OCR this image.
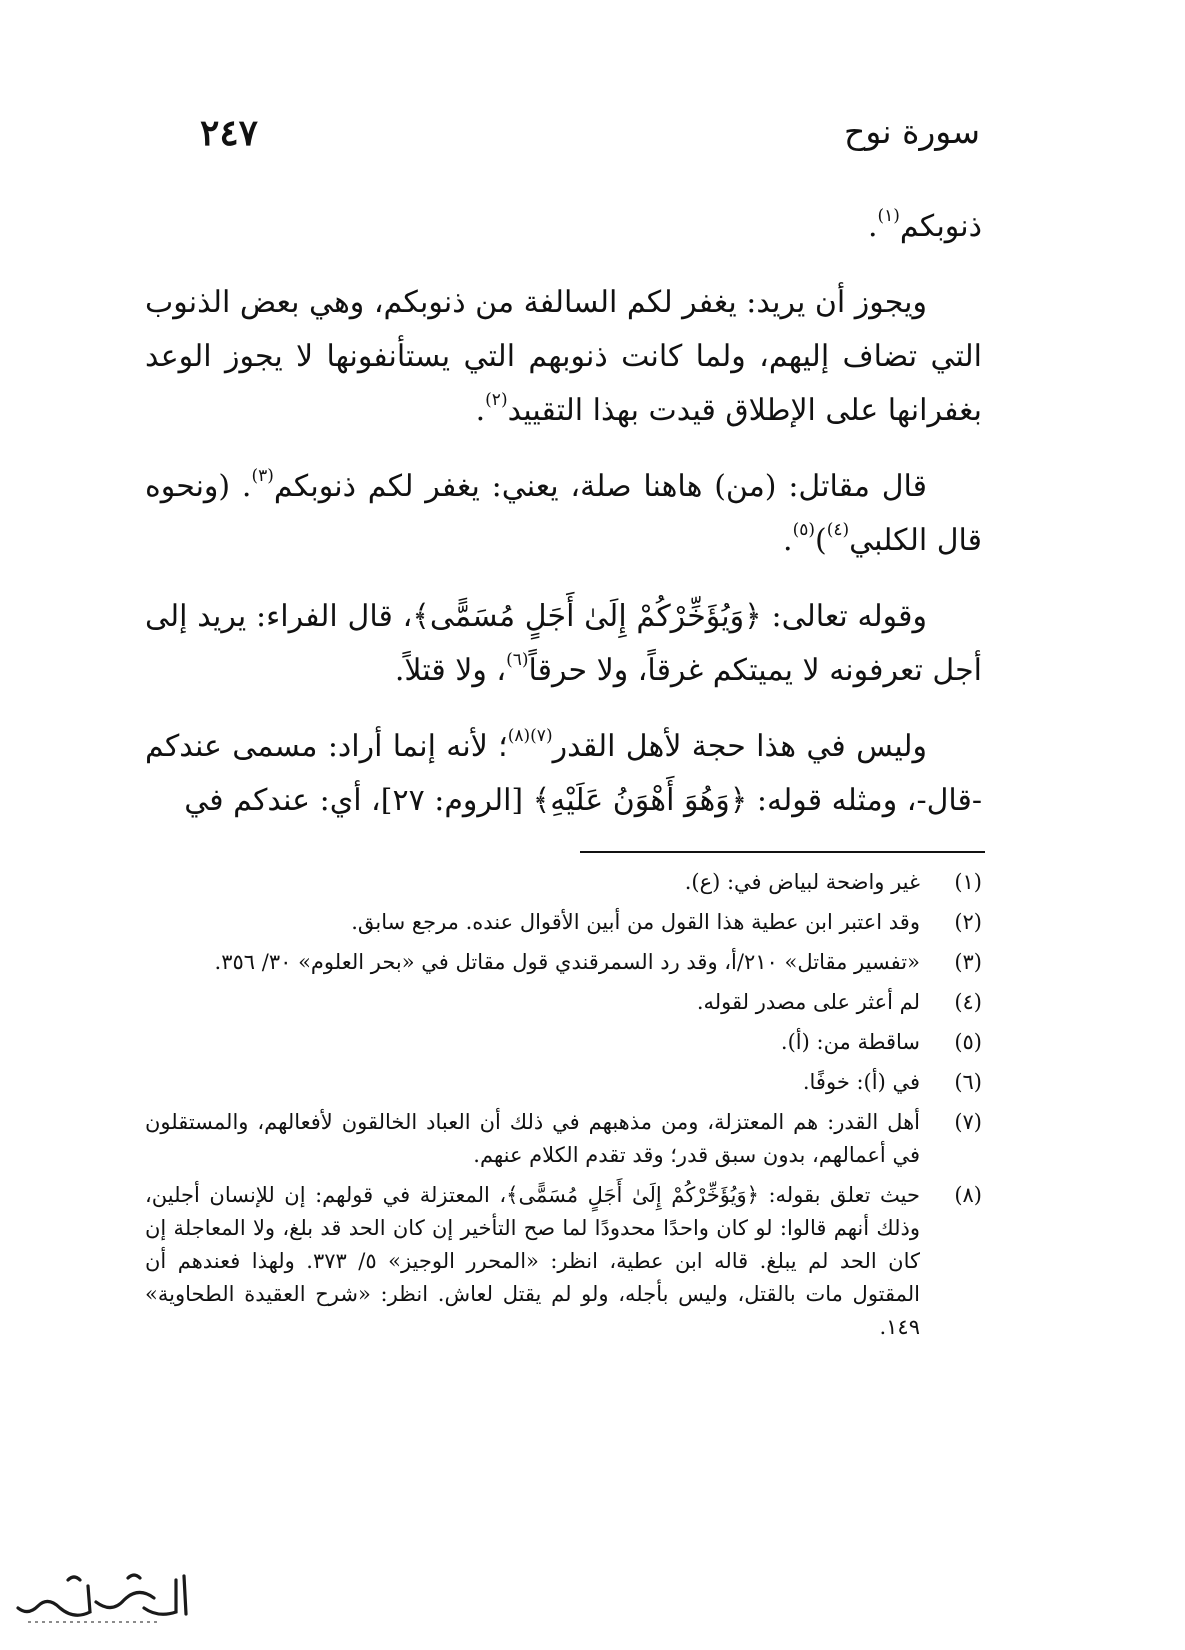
سورة نوح
٢٤٧

ذنوبكم$^{(١)}$.

ويجوز أن يريد: يغفر لكم السالفة من ذنوبكم، وهي بعض الذنوب التي تضاف إليهم، ولما كانت ذنوبهم التي يستأنفونها لا يجوز الوعد بغفرانها على الإطلاق قيدت بهذا التقييد$^{(٢)}$.

قال مقاتل: (من) هاهنا صلة، يعني: يغفر لكم ذنوبكم$^{(٣)}$. (ونحوه قال الكلبي$^{(٤)}$)$^{(٥)}$.

وقوله تعالى: ﴿وَيُؤَخِّرْكُمْ إِلَىٰ أَجَلٍ مُسَمًّى﴾، قال الفراء: يريد إلى أجل تعرفونه لا يميتكم غرقاً، ولا حرقاً$^{(٦)}$، ولا قتلاً.

وليس في هذا حجة لأهل القدر$^{(٧)(٨)}$؛ لأنه إنما أراد: مسمى عندكم -قال-، ومثله قوله: ﴿وَهُوَ أَهْوَنُ عَلَيْهِ﴾ [الروم: ٢٧]، أي: عندكم في

(١)
غير واضحة لبياض في: (ع).
(٢)
وقد اعتبر ابن عطية هذا القول من أبين الأقوال عنده. مرجع سابق.
(٣)
«تفسير مقاتل» ٢١٠/أ، وقد رد السمرقندي قول مقاتل في «بحر العلوم» ٣٠/ ٣٥٦.
(٤)
لم أعثر على مصدر لقوله.
(٥)
ساقطة من: (أ).
(٦)
في (أ): خوفًا.
(٧)
أهل القدر: هم المعتزلة، ومن مذهبهم في ذلك أن العباد الخالقون لأفعالهم، والمستقلون في أعمالهم، بدون سبق قدر؛ وقد تقدم الكلام عنهم.
(٨)
حيث تعلق بقوله: ﴿وَيُؤَخِّرْكُمْ إِلَىٰ أَجَلٍ مُسَمًّى﴾، المعتزلة في قولهم: إن للإنسان أجلين، وذلك أنهم قالوا: لو كان واحدًا محدودًا لما صح التأخير إن كان الحد قد بلغ، ولا المعاجلة إن كان الحد لم يبلغ. قاله ابن عطية، انظر: «المحرر الوجيز» ٥/ ٣٧٣. ولهذا فعندهم أن المقتول مات بالقتل، وليس بأجله، ولو لم يقتل لعاش. انظر: «شرح العقيدة الطحاوية» ١٤٩.
